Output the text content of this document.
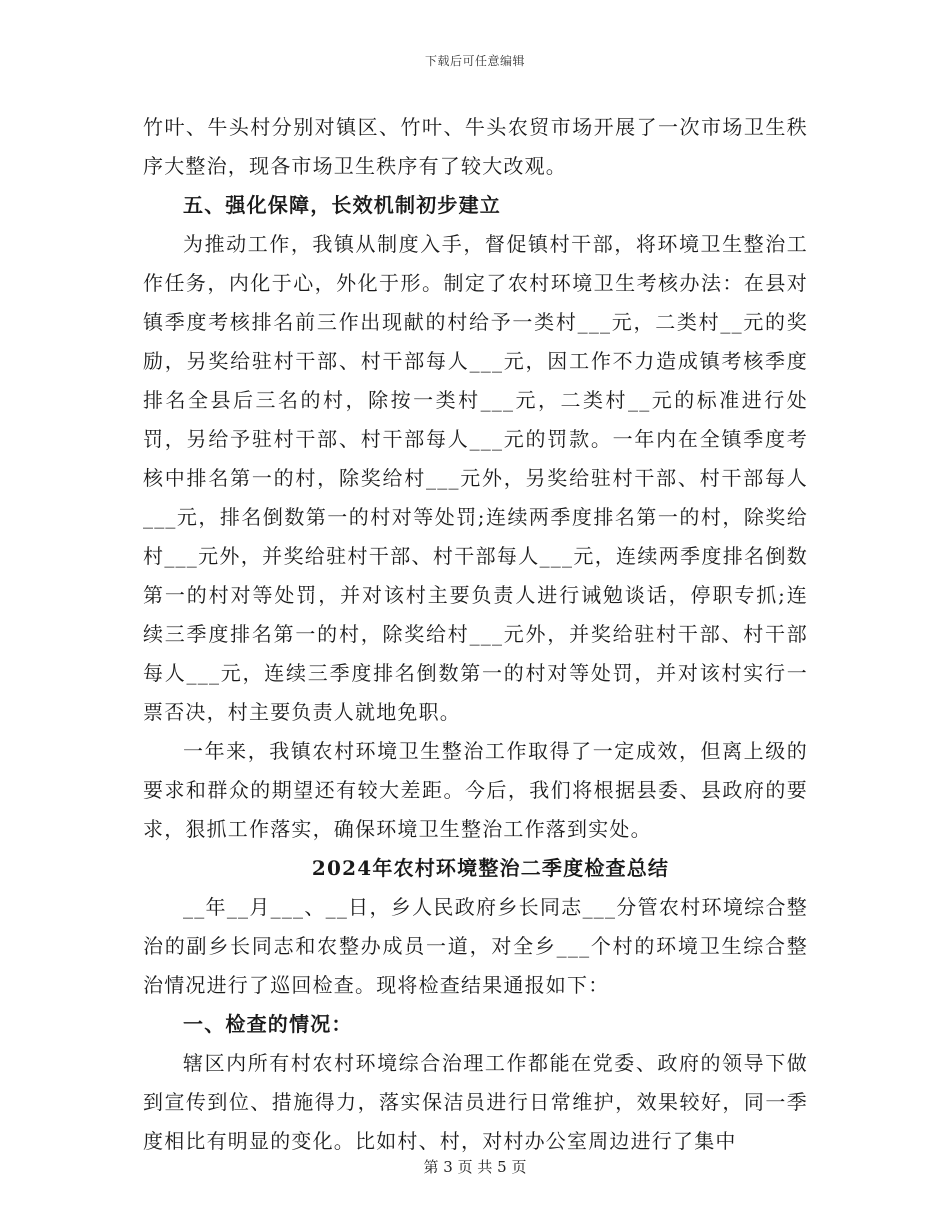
下载后可任意编辑

竹叶、牛头村分别对镇区、竹叶、牛头农贸市场开展了一次市场卫生秩序大整治，现各市场卫生秩序有了较大改观。

五、强化保障，长效机制初步建立

为推动工作，我镇从制度入手，督促镇村干部，将环境卫生整治工作任务，内化于心，外化于形。制定了农村环境卫生考核办法：在县对镇季度考核排名前三作出现献的村给予一类村___元，二类村__元的奖励，另奖给驻村干部、村干部每人___元，因工作不力造成镇考核季度排名全县后三名的村，除按一类村___元，二类村__元的标准进行处罚，另给予驻村干部、村干部每人___元的罚款。一年内在全镇季度考核中排名第一的村，除奖给村___元外，另奖给驻村干部、村干部每人___元，排名倒数第一的村对等处罚;连续两季度排名第一的村，除奖给村___元外，并奖给驻村干部、村干部每人___元，连续两季度排名倒数第一的村对等处罚，并对该村主要负责人进行诫勉谈话，停职专抓;连续三季度排名第一的村，除奖给村___元外，并奖给驻村干部、村干部每人___元，连续三季度排名倒数第一的村对等处罚，并对该村实行一票否决，村主要负责人就地免职。

一年来，我镇农村环境卫生整治工作取得了一定成效，但离上级的要求和群众的期望还有较大差距。今后，我们将根据县委、县政府的要求，狠抓工作落实，确保环境卫生整治工作落到实处。

2024年农村环境整治二季度检查总结

__年__月___、__日，乡人民政府乡长同志___分管农村环境综合整治的副乡长同志和农整办成员一道，对全乡___个村的环境卫生综合整治情况进行了巡回检查。现将检查结果通报如下：

一、检查的情况：

辖区内所有村农村环境综合治理工作都能在党委、政府的领导下做到宣传到位、措施得力，落实保洁员进行日常维护，效果较好，同一季度相比有明显的变化。比如村、村，对村办公室周边进行了集中

第 3 页 共 5 页
